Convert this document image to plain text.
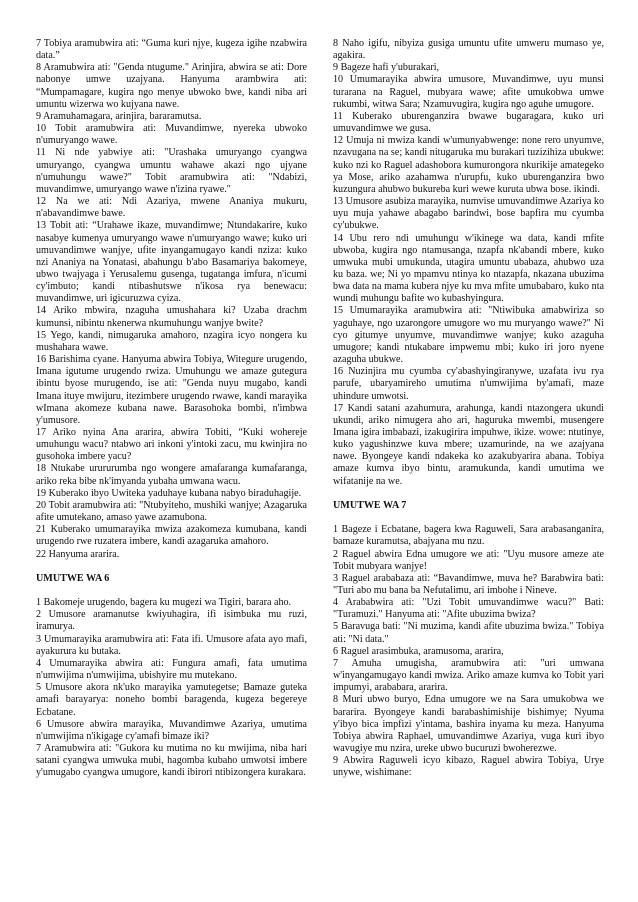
7 Tobiya aramubwira ati: “Guma kuri njye, kugeza igihe nzabwira data.”

8 Aramubwira ati: "Genda ntugume." Arinjira, abwira se ati: Dore nabonye umwe uzajyana. Hanyuma arambwira ati: “Mumpamagare, kugira ngo menye ubwoko bwe, kandi niba ari umuntu wizerwa wo kujyana nawe.

9 Aramuhamagara, arinjira, bararamutsa.

10 Tobit aramubwira ati: Muvandimwe, nyereka ubwoko n'umuryango wawe.

11 Ni nde yabwiye ati: "Urashaka umuryango cyangwa umuryango, cyangwa umuntu wahawe akazi ngo ujyane n'umuhungu wawe?" Tobit aramubwira ati: "Ndabizi, muvandimwe, umuryango wawe n'izina ryawe."

12 Na we ati: Ndi Azariya, mwene Ananiya mukuru, n'abavandimwe bawe.

13 Tobit ati: “Urahawe ikaze, muvandimwe; Ntundakarire, kuko nasabye kumenya umuryango wawe n'umuryango wawe; kuko uri umuvandimwe wanjye, ufite inyangamugayo kandi nziza: kuko nzi Ananiya na Yonatasi, abahungu b'abo Basamariya bakomeye, ubwo twajyaga i Yerusalemu gusenga, tugatanga imfura, n'icumi cy'imbuto; kandi ntibashutswe n'ikosa rya benewacu: muvandimwe, uri igicuruzwa cyiza.

14 Ariko mbwira, nzaguha umushahara ki? Uzaba drachm kumunsi, nibintu nkenerwa nkumuhungu wanjye bwite?

15 Yego, kandi, nimugaruka amahoro, nzagira icyo nongera ku mushahara wawe.

16 Barishima cyane. Hanyuma abwira Tobiya, Witegure urugendo, Imana igutume urugendo rwiza. Umuhungu we amaze gutegura ibintu byose murugendo, ise ati: "Genda nuyu mugabo, kandi Imana ituye mwijuru, itezimbere urugendo rwawe, kandi marayika wImana akomeze kubana nawe. Barasohoka bombi, n'imbwa y'umusore.

17 Ariko nyina Ana ararira, abwira Tobiti, “Kuki wohereje umuhungu wacu? ntabwo ari inkoni y'intoki zacu, mu kwinjira no gusohoka imbere yacu?

18 Ntukabe urururumba ngo wongere amafaranga kumafaranga, ariko reka bibe nk'imyanda yubaha umwana wacu.

19 Kuberako ibyo Uwiteka yaduhaye kubana nabyo biraduhagije.

20 Tobit aramubwira ati: "Ntubyiteho, mushiki wanjye; Azagaruka afite umutekano, amaso yawe azamubona.

21 Kuberako umumarayika mwiza azakomeza kumubana, kandi urugendo rwe ruzatera imbere, kandi azagaruka amahoro.

22 Hanyuma ararira.

UMUTWE WA 6

1 Bakomeje urugendo, bagera ku mugezi wa Tigiri, barara aho.

2 Umusore aramanutse kwiyuhagira, ifi isimbuka mu ruzi, iramurya.

3 Umumarayika aramubwira ati: Fata ifi. Umusore afata ayo mafi, ayakurura ku butaka.

4 Umumarayika abwira ati: Fungura amafi, fata umutima n'umwijima n'umwijima, ubishyire mu mutekano.

5 Umusore akora nk'uko marayika yamutegetse; Bamaze guteka amafi barayarya: noneho bombi baragenda, kugeza begereye Ecbatane.

6 Umusore abwira marayika, Muvandimwe Azariya, umutima n'umwijima n'ikigage cy'amafi bimaze iki?

7 Aramubwira ati: "Gukora ku mutima no ku mwijima, niba hari satani cyangwa umwuka mubi, hagomba kubaho umwotsi imbere y'umugabo cyangwa umugore, kandi ibirori ntibizongera kurakara.

8 Naho igifu, nibyiza gusiga umuntu ufite umweru mumaso ye, agakira.

9 Bageze hafi y'uburakari,

10 Umumarayika abwira umusore, Muvandimwe, uyu munsi turarana na Raguel, mubyara wawe; afite umukobwa umwe rukumbi, witwa Sara; Nzamuvugira, kugira ngo aguhe umugore.

11 Kuberako uburenganzira bwawe bugaragara, kuko uri umuvandimwe we gusa.

12 Umuja ni mwiza kandi w'umunyabwenge: none rero unyumve, nzavugana na se; kandi nitugaruka mu burakari tuzizihiza ubukwe: kuko nzi ko Raguel adashobora kumurongora nkurikije amategeko ya Mose, ariko azahamwa n'urupfu, kuko uburenganzira bwo kuzungura ahubwo bukureba kuri wewe kuruta ubwa bose. ikindi.

13 Umusore asubiza marayika, numvise umuvandimwe Azariya ko uyu muja yahawe abagabo barindwi, bose bapfira mu cyumba cy'ubukwe.

14 Ubu rero ndi umuhungu w'ikinege wa data, kandi mfite ubwoba, kugira ngo ntamusanga, nzapfa nk'abandi mbere, kuko umwuka mubi umukunda, utagira umuntu ubabaza, ahubwo uza ku baza. we; Ni yo mpamvu ntinya ko ntazapfa, nkazana ubuzima bwa data na mama kubera njye ku mva mfite umubabaro, kuko nta wundi muhungu bafite wo kubashyingura.

15 Umumarayika aramubwira ati: "Ntiwibuka amabwiriza so yaguhaye, ngo uzarongore umugore wo mu muryango wawe?" Ni cyo gitumye unyumve, muvandimwe wanjye; kuko azaguha umugore; kandi ntukabare impwemu mbi; kuko iri joro nyene azaguha ubukwe.

16 Nuzinjira mu cyumba cy'abashyingiranywe, uzafata ivu rya parufe, ubaryamireho umutima n'umwijima by'amafi, maze uhindure umwotsi.

17 Kandi satani azahumura, arahunga, kandi ntazongera ukundi ukundi, ariko nimugera aho ari, haguruka mwembi, musengere Imana igira imbabazi, izakugirira impuhwe, ikize. wowe: ntutinye, kuko yagushinzwe kuva mbere; uzamurinde, na we azajyana nawe. Byongeye kandi ndakeka ko azakubyarira abana. Tobiya amaze kumva ibyo bintu, aramukunda, kandi umutima we wifatanije na we.

UMUTWE WA 7

1 Bageze i Ecbatane, bagera kwa Raguweli, Sara arabasanganira, bamaze kuramutsa, abajyana mu nzu.

2 Raguel abwira Edna umugore we ati: "Uyu musore ameze ate Tobit mubyara wanjye!

3 Raguel arababaza ati: “Bavandimwe, muva he? Barabwira bati: "Turi abo mu bana ba Nefutalimu, ari imbohe i Nineve.

4 Arababwira ati: "Uzi Tobit umuvandimwe wacu?" Bati: "Turamuzi." Hanyuma ati: "Afite ubuzima bwiza?

5 Baravuga bati: "Ni muzima, kandi afite ubuzima bwiza." Tobiya ati: "Ni data."

6 Raguel arasimbuka, aramusoma, ararira,

7 Amuha umugisha, aramubwira ati: "uri umwana w'inyangamugayo kandi mwiza. Ariko amaze kumva ko Tobit yari impumyi, arababara, ararira.

8 Muri ubwo buryo, Edna umugore we na Sara umukobwa we bararira. Byongeye kandi barabashimishije bishimye; Nyuma y'ibyo bica impfizi y'intama, bashira inyama ku meza. Hanyuma Tobiya abwira Raphael, umuvandimwe Azariya, vuga kuri ibyo wavugiye mu nzira, ureke ubwo bucuruzi bwoherezwe.

9 Abwira Raguweli icyo kibazo, Raguel abwira Tobiya, Urye unywe, wishimane:
